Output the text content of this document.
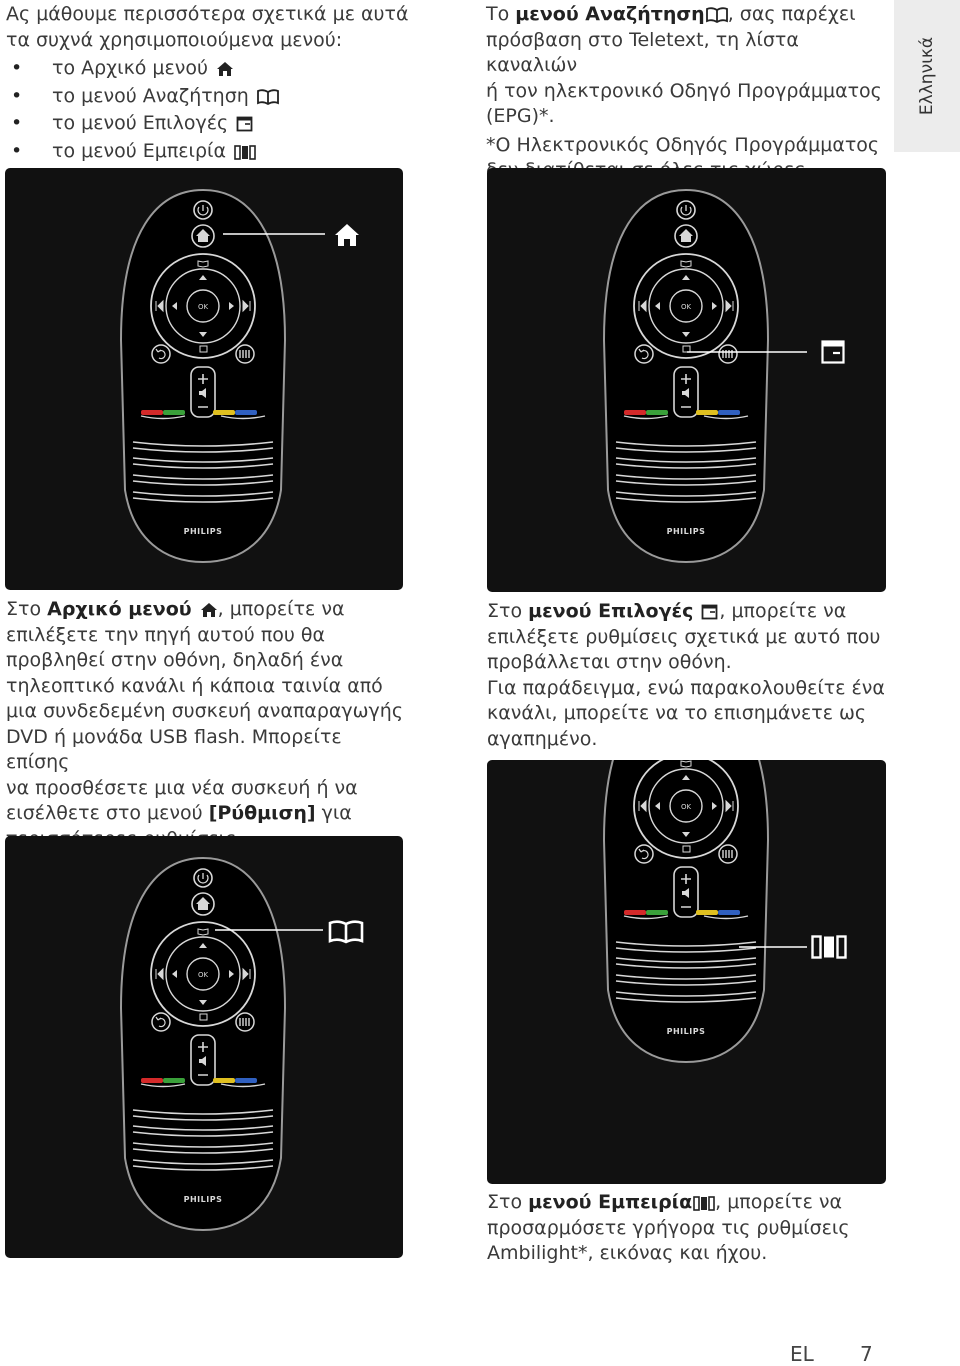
Ελληνικά
Ας μάθουμε περισσότερα σχετικά με αυτά
τα συχνά χρησιμοποιούμενα μενού:
• το Αρχικό μενού
• το μενού Αναζήτηση
• το μενού Επιλογές
• το μενού Εμπειρία
Το μενού Αναζήτηση , σας παρέχει
πρόσβαση στο Teletext, τη λίστα καναλιών
ή τον ηλεκτρονικό Οδηγό Προγράμματος
(EPG)*.
*Ο Ηλεκτρονικός Οδηγός Προγράμματος
OK
PHILIPS
OK
PHILIPS
Στο Αρχικό μενού , μπορείτε να
επιλέξετε την πηγή αυτού που θα
προβληθεί στην οθόνη, δηλαδή ένα
τηλεοπτικό κανάλι ή κάποια ταινία από
μια συνδεδεμένη συσκευή αναπαραγωγής
DVD ή μονάδα USB flash. Μπορείτε επίσης
να προσθέσετε μια νέα συσκευή ή να
εισέλθετε στο μενού [Ρύθμιση] για
Στο μενού Επιλογές , μπορείτε να
επιλέξετε ρυθμίσεις σχετικά με αυτό που
προβάλλεται στην οθόνη.
Για παράδειγμα, ενώ παρακολουθείτε ένα
κανάλι, μπορείτε να το επισημάνετε ως
αγαπημένο.
OK
PHILIPS
OK
PHILIPS
Στο μενού Εμπειρία , μπορείτε να
προσαρμόσετε γρήγορα τις ρυθμίσεις
Ambilight*, εικόνας και ήχου.
EL 7
